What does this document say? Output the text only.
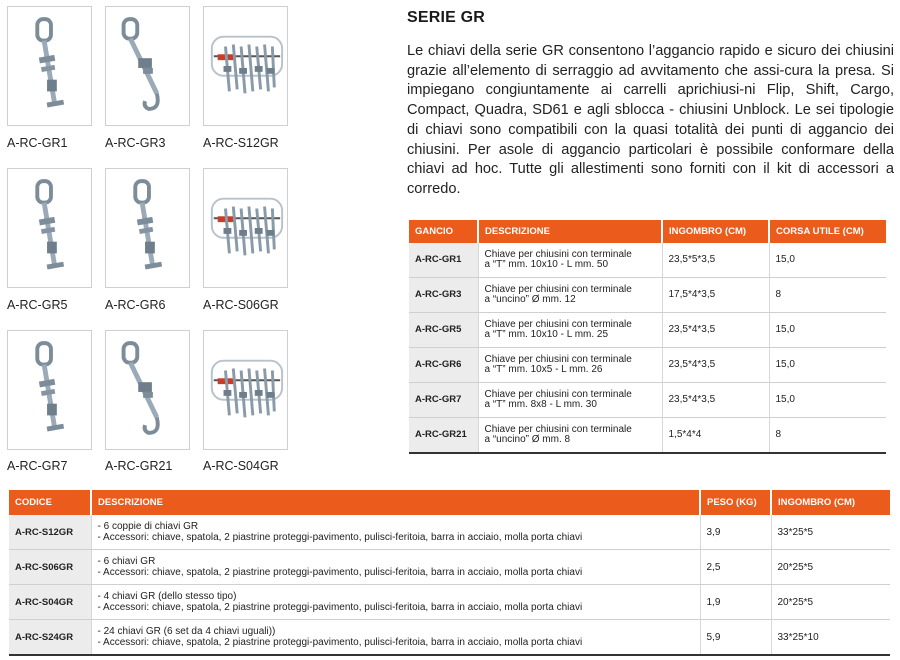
A-RC-GR1	A-RC-GR3	A-RC-S12GR
A-RC-GR5	A-RC-GR6	A-RC-S06GR
A-RC-GR7	A-RC-GR21 A-RC-S04GR
SERIE GR
Le chiavi della serie GR consentono l’aggancio rapido e sicuro dei chiusini grazie all’elemento di serraggio ad avvitamento che assi-cura la presa. Si impiegano congiuntamente ai carrelli aprichiusi-ni Flip, Shift, Cargo, Compact, Quadra, SD61 e agli sblocca - chiusini Unblock. Le sei tipologie di chiavi sono compatibili con la quasi totalità dei punti di aggancio dei chiusini. Per asole di aggancio particolari è possibile conformare della chiavi ad hoc. Tutte gli allestimenti sono forniti con il kit di accessori a corredo.
GANCIO	DESCRIZIONE	INGOMBRO (CM)	CORSA UTILE (CM)
A-RC-GR1	Chiave per chiusini con terminale
a “T” mm. 10x10 - L mm. 50	23,5*5*3,5	15,0
A-RC-GR3	Chiave per chiusini con terminale
a “uncino” Ø mm. 12	17,5*4*3,5	8
A-RC-GR5	Chiave per chiusini con terminale
a “T” mm. 10x10 - L mm. 25	23,5*4*3,5	15,0
A-RC-GR6	Chiave per chiusini con terminale
a “T” mm. 10x5 - L mm. 26	23,5*4*3,5	15,0
A-RC-GR7	Chiave per chiusini con terminale
a “T” mm. 8x8 - L mm. 30	23,5*4*3,5	15,0
A-RC-GR21	Chiave per chiusini con terminale
a “uncino” Ø mm. 8	1,5*4*4	8
CODICE	DESCRIZIONE	PESO (KG)	INGOMBRO (CM)
A-RC-S12GR	- 6 coppie di chiavi GR
- Accessori: chiave, spatola, 2 piastrine proteggi-pavimento, pulisci-feritoia, barra in acciaio, molla porta chiavi	3,9	33*25*5
A-RC-S06GR	- 6 chiavi GR
- Accessori: chiave, spatola, 2 piastrine proteggi-pavimento, pulisci-feritoia, barra in acciaio, molla porta chiavi	2,5	20*25*5
A-RC-S04GR	- 4 chiavi GR (dello stesso tipo)
- Accessori: chiave, spatola, 2 piastrine proteggi-pavimento, pulisci-feritoia, barra in acciaio, molla porta chiavi	1,9	20*25*5
A-RC-S24GR	- 24 chiavi GR (6 set da 4 chiavi uguali))
- Accessori: chiave, spatola, 2 piastrine proteggi-pavimento, pulisci-feritoia, barra in acciaio, molla porta chiavi	5,9	33*25*10
